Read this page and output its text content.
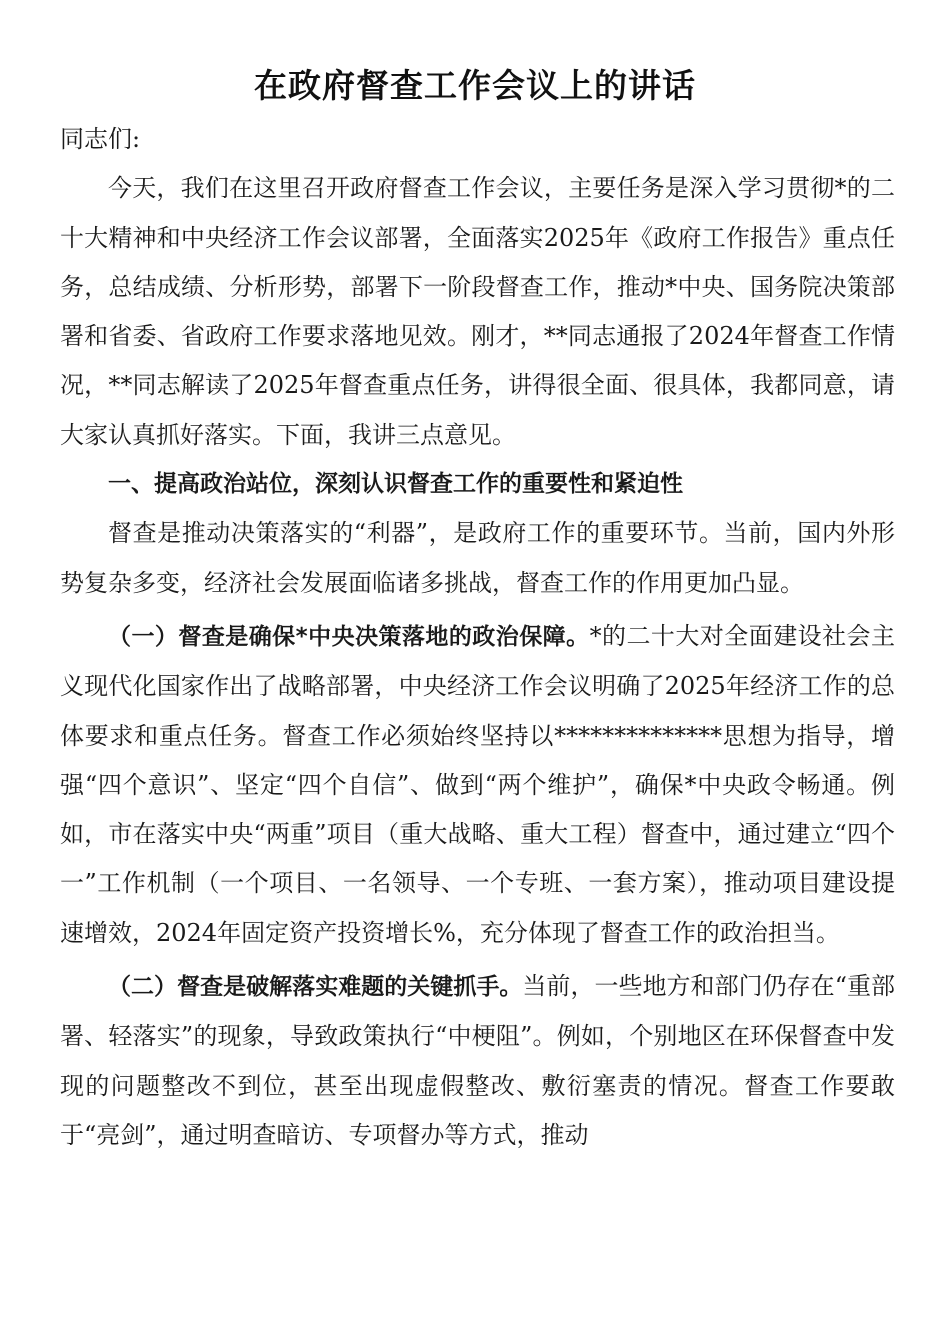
在政府督查工作会议上的讲话

同志们:

今天，我们在这里召开政府督查工作会议，主要任务是深入学习贯彻*的二十大精神和中央经济工作会议部署，全面落实2025年《政府工作报告》重点任务，总结成绩、分析形势，部署下一阶段督查工作，推动*中央、国务院决策部署和省委、省政府工作要求落地见效。刚才，**同志通报了2024年督查工作情况，**同志解读了2025年督查重点任务，讲得很全面、很具体，我都同意，请大家认真抓好落实。下面，我讲三点意见。

一、提高政治站位，深刻认识督查工作的重要性和紧迫性

督查是推动决策落实的“利器”，是政府工作的重要环节。当前，国内外形势复杂多变，经济社会发展面临诸多挑战，督查工作的作用更加凸显。

（一）督查是确保*中央决策落地的政治保障。*的二十大对全面建设社会主义现代化国家作出了战略部署，中央经济工作会议明确了2025年经济工作的总体要求和重点任务。督查工作必须始终坚持以**************思想为指导，增强“四个意识”、坚定“四个自信”、做到“两个维护”，确保*中央政令畅通。例如，市在落实中央“两重”项目（重大战略、重大工程）督查中，通过建立“四个一”工作机制（一个项目、一名领导、一个专班、一套方案），推动项目建设提速增效，2024年固定资产投资增长%，充分体现了督查工作的政治担当。

（二）督查是破解落实难题的关键抓手。当前，一些地方和部门仍存在“重部署、轻落实”的现象，导致政策执行“中梗阻”。例如，个别地区在环保督查中发现的问题整改不到位，甚至出现虚假整改、敷衍塞责的情况。督查工作要敢于“亮剑”，通过明查暗访、专项督办等方式，推动
